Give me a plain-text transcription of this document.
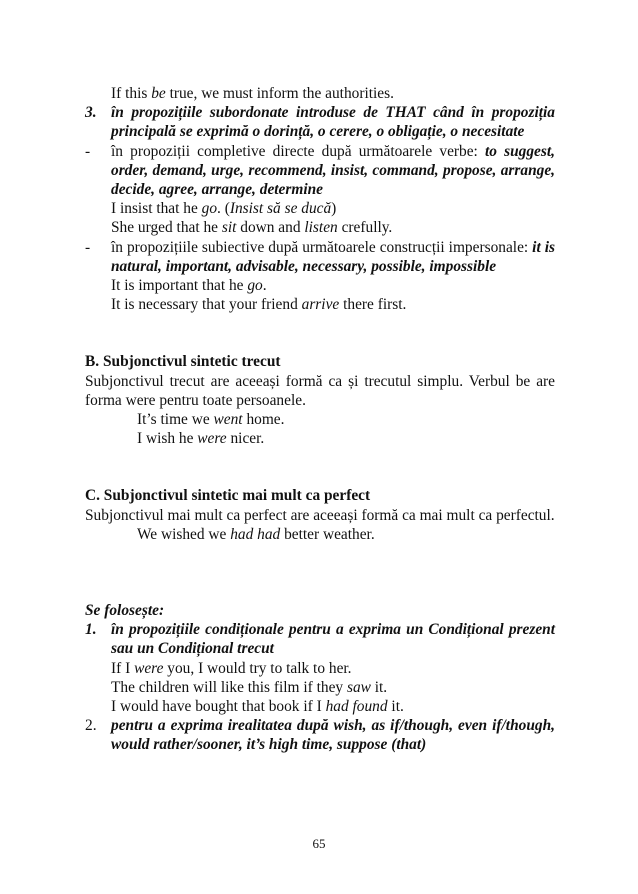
If this be true, we must inform the authorities.

3. în propozițiile subordonate introduse de THAT când în propoziția principală se exprimă o dorință, o cerere, o obligație, o necesitate
-	în propoziții completive directe după următoarele verbe: to suggest, order, demand, urge, recommend, insist, command, propose, arrange, decide, agree, arrange, determine

I insist that he go. (Insist să se ducă)

She urged that he sit down and listen crefully.

-	în propozițiile subiective după următoarele construcții impersonale: it is natural, important, advisable, necessary, possible, impossible

It is important that he go.

It is necessary that your friend arrive there first.

B. Subjonctivul sintetic trecut

Subjonctivul trecut are aceeași formă ca și trecutul simplu. Verbul be are forma were pentru toate persoanele.

It’s time we went home.

I wish he were nicer.

C. Subjonctivul sintetic mai mult ca perfect

Subjonctivul mai mult ca perfect are aceeași formă ca mai mult ca perfectul.

We wished we had had better weather.

Se folosește:

1. în propozițiile condiționale pentru a exprima un Condițional prezent sau un Condițional trecut

If I were you, I would try to talk to her.

The children will like this film if they saw it.

I would have bought that book if I had found it.

2. pentru a exprima irealitatea după wish, as if/though, even if/though, would rather/sooner, it’s high time, suppose (that)
65
